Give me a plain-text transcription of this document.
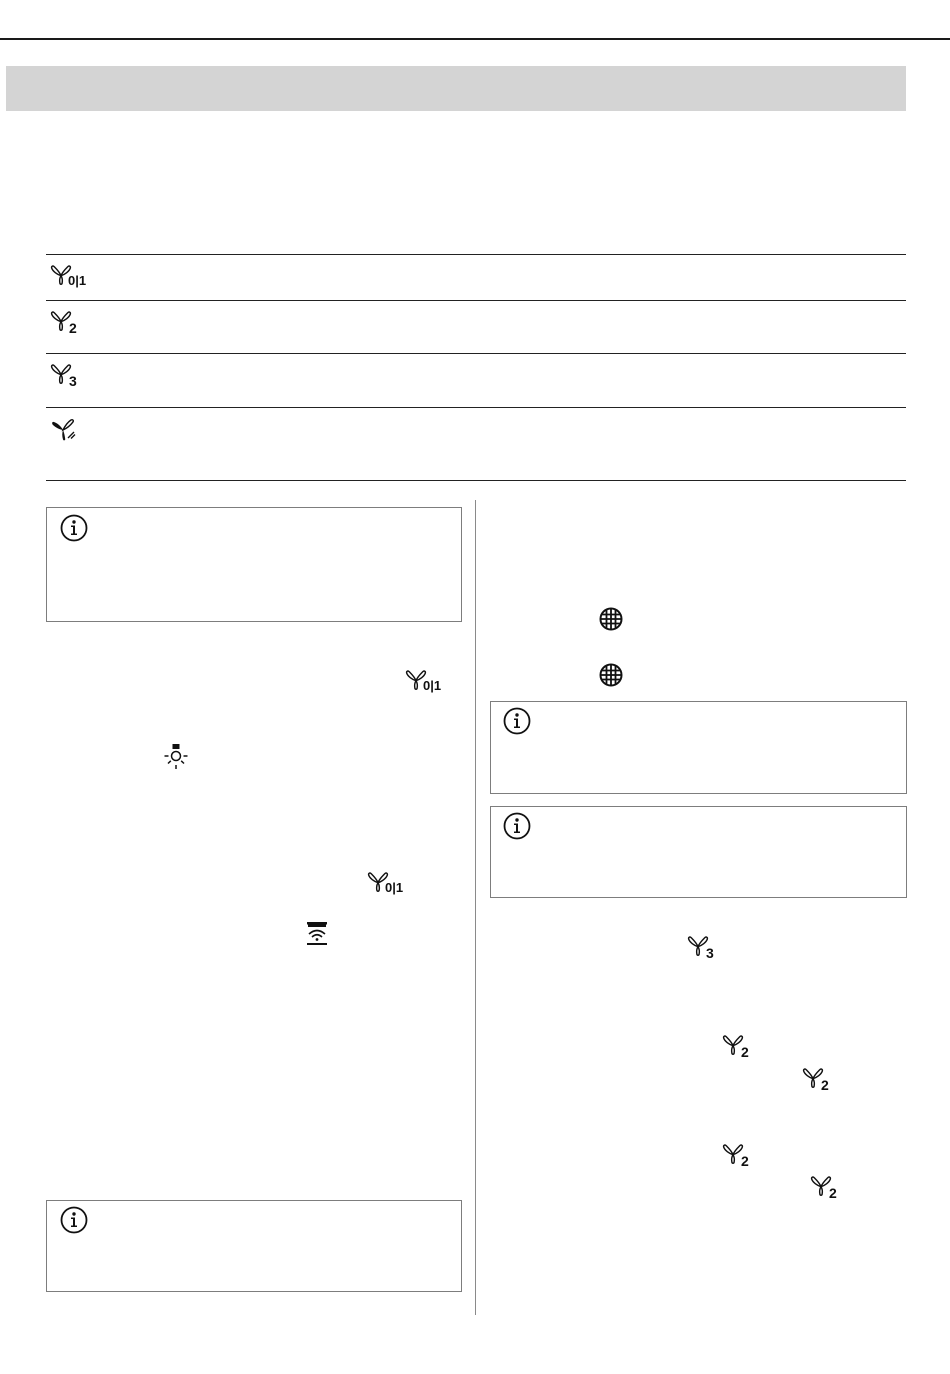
0|1
2
3
0|1
0|1
3
2
2
2
2
